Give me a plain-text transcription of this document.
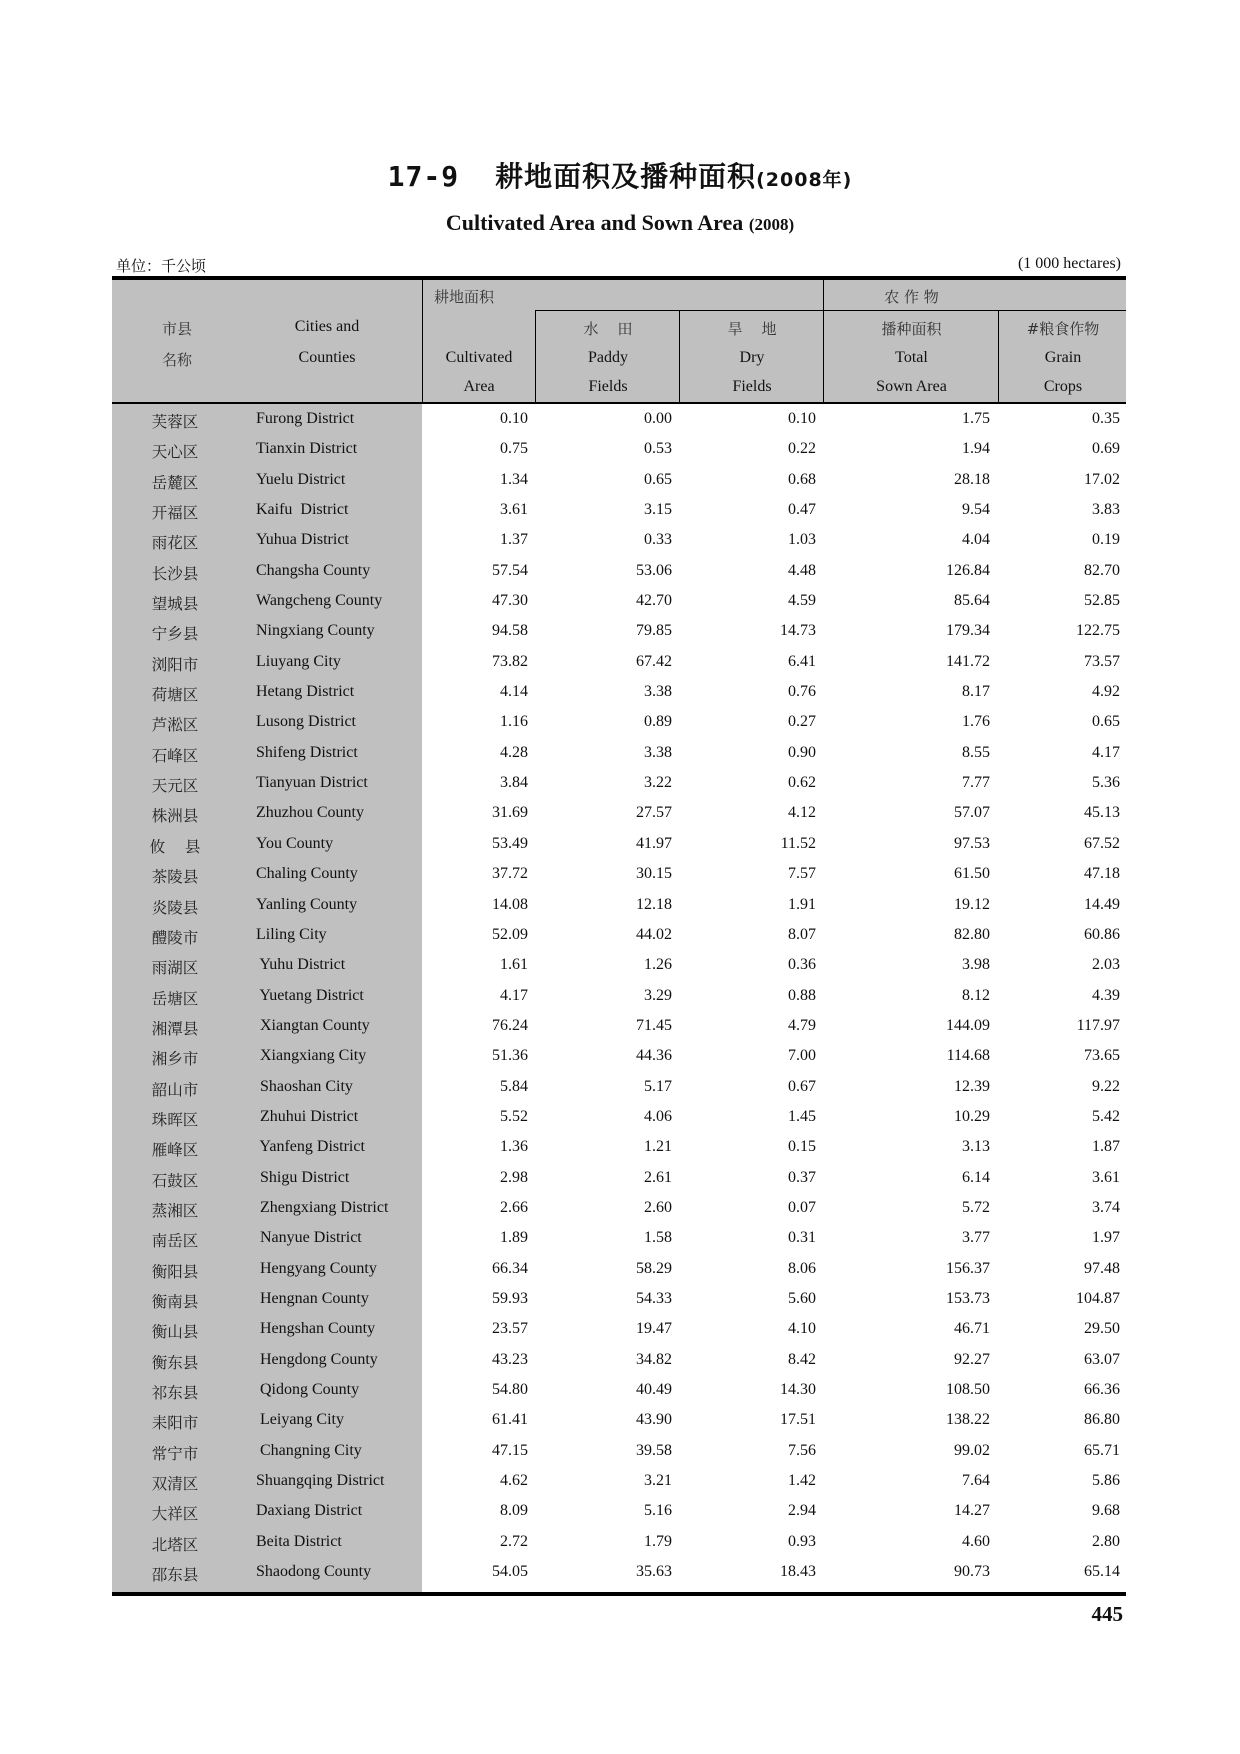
17-9 耕地面积及播种面积(2008年)
Cultivated Area and Sown Area (2008)
单位：千公顷	(1 000 hectares)
市县
名称
Cities and
Counties
耕地面积
Cultivated
Area
水    田
Paddy
Fields
旱    地
Dry
Fields
农 作 物
播种面积
Total
Sown Area
#粮食作物
Grain
Crops
芙蓉区	Furong District	0.10	0.00	0.10	1.75	0.35
天心区	Tianxin District	0.75	0.53	0.22	1.94	0.69
岳麓区	Yuelu District	1.34	0.65	0.68	28.18	17.02
开福区	Kaifu  District	3.61	3.15	0.47	9.54	3.83
雨花区	Yuhua District	1.37	0.33	1.03	4.04	0.19
长沙县	Changsha County	57.54	53.06	4.48	126.84	82.70
望城县	Wangcheng County	47.30	42.70	4.59	85.64	52.85
宁乡县	Ningxiang County	94.58	79.85	14.73	179.34	122.75
浏阳市	Liuyang City	73.82	67.42	6.41	141.72	73.57
荷塘区	Hetang District	4.14	3.38	0.76	8.17	4.92
芦淞区	Lusong District	1.16	0.89	0.27	1.76	0.65
石峰区	Shifeng District	4.28	3.38	0.90	8.55	4.17
天元区	Tianyuan District	3.84	3.22	0.62	7.77	5.36
株洲县	Zhuzhou County	31.69	27.57	4.12	57.07	45.13
攸    县	You County	53.49	41.97	11.52	97.53	67.52
茶陵县	Chaling County	37.72	30.15	7.57	61.50	47.18
炎陵县	Yanling County	14.08	12.18	1.91	19.12	14.49
醴陵市	Liling City	52.09	44.02	8.07	82.80	60.86
雨湖区	Yuhu District	1.61	1.26	0.36	3.98	2.03
岳塘区	Yuetang District	4.17	3.29	0.88	8.12	4.39
湘潭县	Xiangtan County	76.24	71.45	4.79	144.09	117.97
湘乡市	Xiangxiang City	51.36	44.36	7.00	114.68	73.65
韶山市	Shaoshan City	5.84	5.17	0.67	12.39	9.22
珠晖区	Zhuhui District	5.52	4.06	1.45	10.29	5.42
雁峰区	Yanfeng District	1.36	1.21	0.15	3.13	1.87
石鼓区	Shigu District	2.98	2.61	0.37	6.14	3.61
蒸湘区	Zhengxiang District	2.66	2.60	0.07	5.72	3.74
南岳区	Nanyue District	1.89	1.58	0.31	3.77	1.97
衡阳县	Hengyang County	66.34	58.29	8.06	156.37	97.48
衡南县	Hengnan County	59.93	54.33	5.60	153.73	104.87
衡山县	Hengshan County	23.57	19.47	4.10	46.71	29.50
衡东县	Hengdong County	43.23	34.82	8.42	92.27	63.07
祁东县	Qidong County	54.80	40.49	14.30	108.50	66.36
耒阳市	Leiyang City	61.41	43.90	17.51	138.22	86.80
常宁市	Changning City	47.15	39.58	7.56	99.02	65.71
双清区	Shuangqing District	4.62	3.21	1.42	7.64	5.86
大祥区	Daxiang District	8.09	5.16	2.94	14.27	9.68
北塔区	Beita District	2.72	1.79	0.93	4.60	2.80
邵东县	Shaodong County	54.05	35.63	18.43	90.73	65.14
445
